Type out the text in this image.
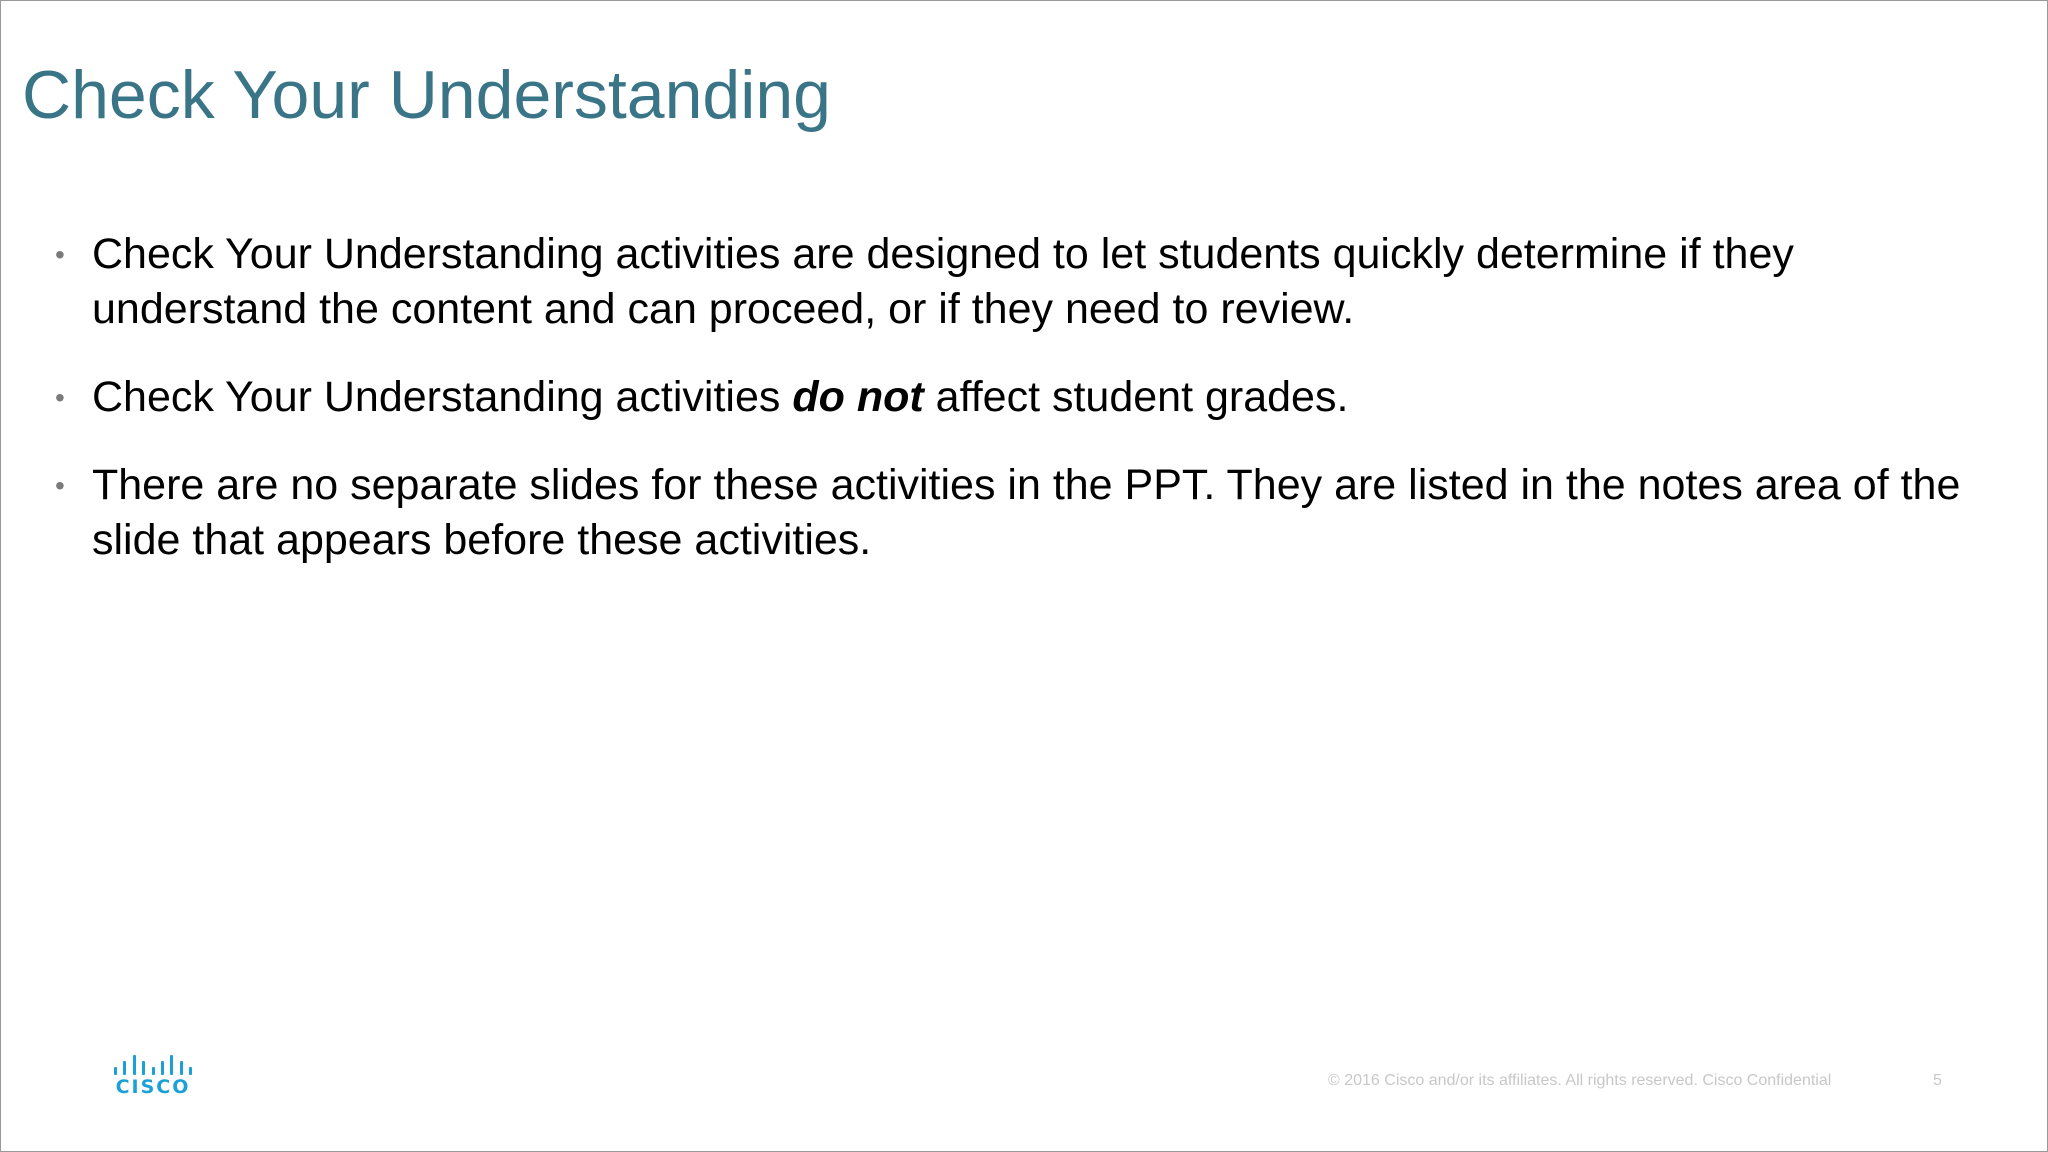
Check Your Understanding
• Check Your Understanding activities are designed to let students quickly determine if they understand the content and can proceed, or if they need to review.
• Check Your Understanding activities do not affect student grades.
• There are no separate slides for these activities in the PPT. They are listed in the notes area of the slide that appears before these activities.
CISCO	© 2016 Cisco and/or its affiliates. All rights reserved. Cisco Confidential	5
